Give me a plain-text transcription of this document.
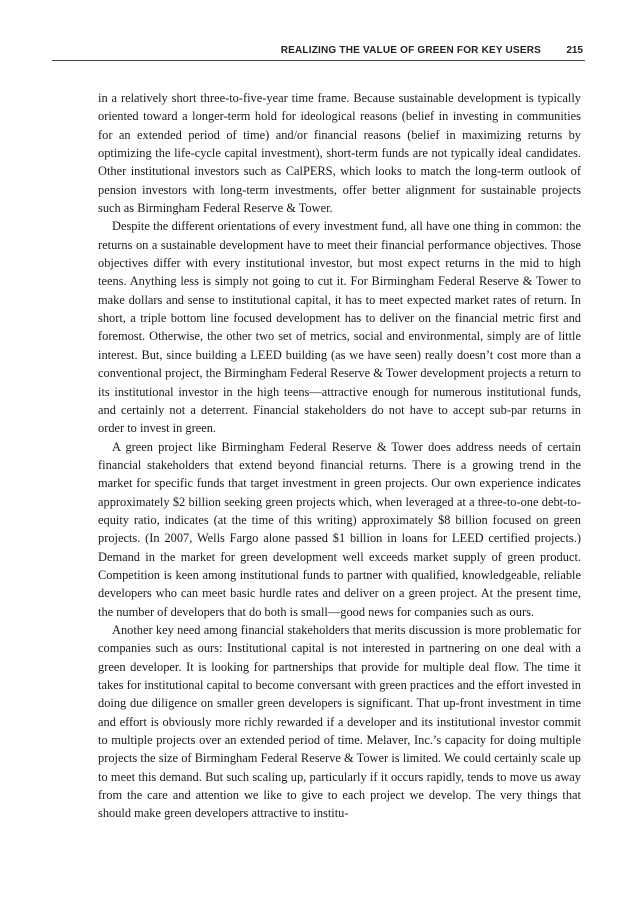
REALIZING THE VALUE OF GREEN FOR KEY USERS	215

in a relatively short three-to-five-year time frame. Because sustainable development is typically oriented toward a longer-term hold for ideological reasons (belief in investing in communities for an extended period of time) and/or financial reasons (belief in maximizing returns by optimizing the life-cycle capital investment), short-term funds are not typically ideal candidates. Other institutional investors such as CalPERS, which looks to match the long-term outlook of pension investors with long-term investments, offer better alignment for sustainable projects such as Birmingham Federal Reserve & Tower.

Despite the different orientations of every investment fund, all have one thing in common: the returns on a sustainable development have to meet their financial performance objectives. Those objectives differ with every institutional investor, but most expect returns in the mid to high teens. Anything less is simply not going to cut it. For Birmingham Federal Reserve & Tower to make dollars and sense to institutional capital, it has to meet expected market rates of return. In short, a triple bottom line focused development has to deliver on the financial metric first and foremost. Otherwise, the other two set of metrics, social and environmental, simply are of little interest. But, since building a LEED building (as we have seen) really doesn’t cost more than a conventional project, the Birmingham Federal Reserve & Tower development projects a return to its institutional investor in the high teens—attractive enough for numerous institutional funds, and certainly not a deterrent. Financial stakeholders do not have to accept sub-par returns in order to invest in green.

A green project like Birmingham Federal Reserve & Tower does address needs of certain financial stakeholders that extend beyond financial returns. There is a growing trend in the market for specific funds that target investment in green projects. Our own experience indicates approximately $2 billion seeking green projects which, when leveraged at a three-to-one debt-to-equity ratio, indicates (at the time of this writing) approximately $8 billion focused on green projects. (In 2007, Wells Fargo alone passed $1 billion in loans for LEED certified projects.) Demand in the market for green development well exceeds market supply of green product. Competition is keen among institutional funds to partner with qualified, knowledgeable, reliable developers who can meet basic hurdle rates and deliver on a green project. At the present time, the number of developers that do both is small—good news for companies such as ours.

Another key need among financial stakeholders that merits discussion is more problematic for companies such as ours: Institutional capital is not interested in partnering on one deal with a green developer. It is looking for partnerships that provide for multiple deal flow. The time it takes for institutional capital to become conversant with green practices and the effort invested in doing due diligence on smaller green developers is significant. That up-front investment in time and effort is obviously more richly rewarded if a developer and its institutional investor commit to multiple projects over an extended period of time. Melaver, Inc.’s capacity for doing multiple projects the size of Birmingham Federal Reserve & Tower is limited. We could certainly scale up to meet this demand. But such scaling up, particularly if it occurs rapidly, tends to move us away from the care and attention we like to give to each project we develop. The very things that should make green developers attractive to institu-
